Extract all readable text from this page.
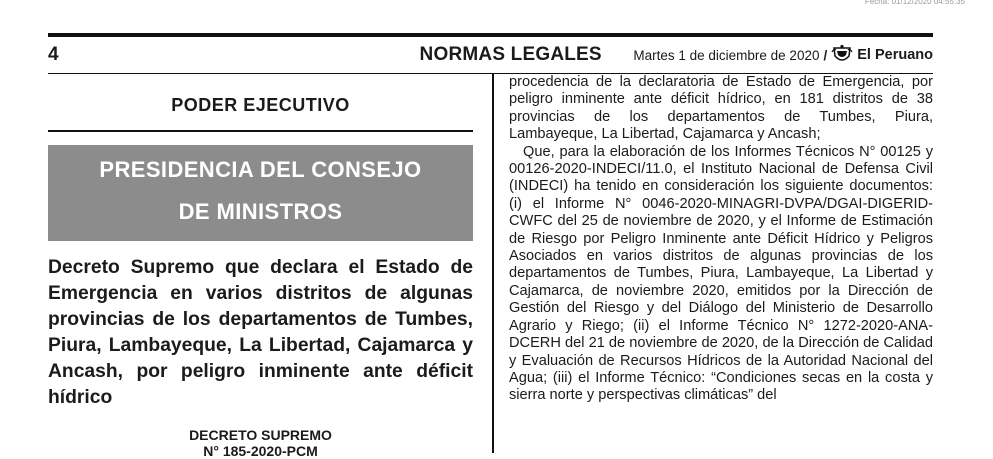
Fecha: 01/12/2020 04:55:35
4	NORMAS LEGALES Martes 1 de diciembre de 2020 / El Peruano
PODER EJECUTIVO
PRESIDENCIA DEL CONSEJO
DE MINISTROS
Decreto Supremo que declara el Estado de Emergencia en varios distritos de algunas provincias de los departamentos de Tumbes, Piura, Lambayeque, La Libertad, Cajamarca y Ancash, por peligro inminente ante déficit hídrico
DECRETO SUPREMO
N° 185-2020-PCM

procedencia de la declaratoria de Estado de Emergencia, por peligro inminente ante déficit hídrico, en 181 distritos de 38 provincias de los departamentos de Tumbes, Piura, Lambayeque, La Libertad, Cajamarca y Ancash;

Que, para la elaboración de los Informes Técnicos N° 00125 y 00126-2020-INDECI/11.0, el Instituto Nacional de Defensa Civil (INDECI) ha tenido en consideración los siguiente documentos: (i) el Informe N° 0046-2020-MINAGRI-DVPA/DGAI-DIGERID-CWFC del 25 de noviembre de 2020, y el Informe de Estimación de Riesgo por Peligro Inminente ante Déficit Hídrico y Peligros Asociados en varios distritos de algunas provincias de los departamentos de Tumbes, Piura, Lambayeque, La Libertad y Cajamarca, de noviembre 2020, emitidos por la Dirección de Gestión del Riesgo y del Diálogo del Ministerio de Desarrollo Agrario y Riego; (ii) el Informe Técnico N° 1272-2020-ANA-DCERH del 21 de noviembre de 2020, de la Dirección de Calidad y Evaluación de Recursos Hídricos de la Autoridad Nacional del Agua; (iii) el Informe Técnico: “Condiciones secas en la costa y sierra norte y perspectivas climáticas” del
